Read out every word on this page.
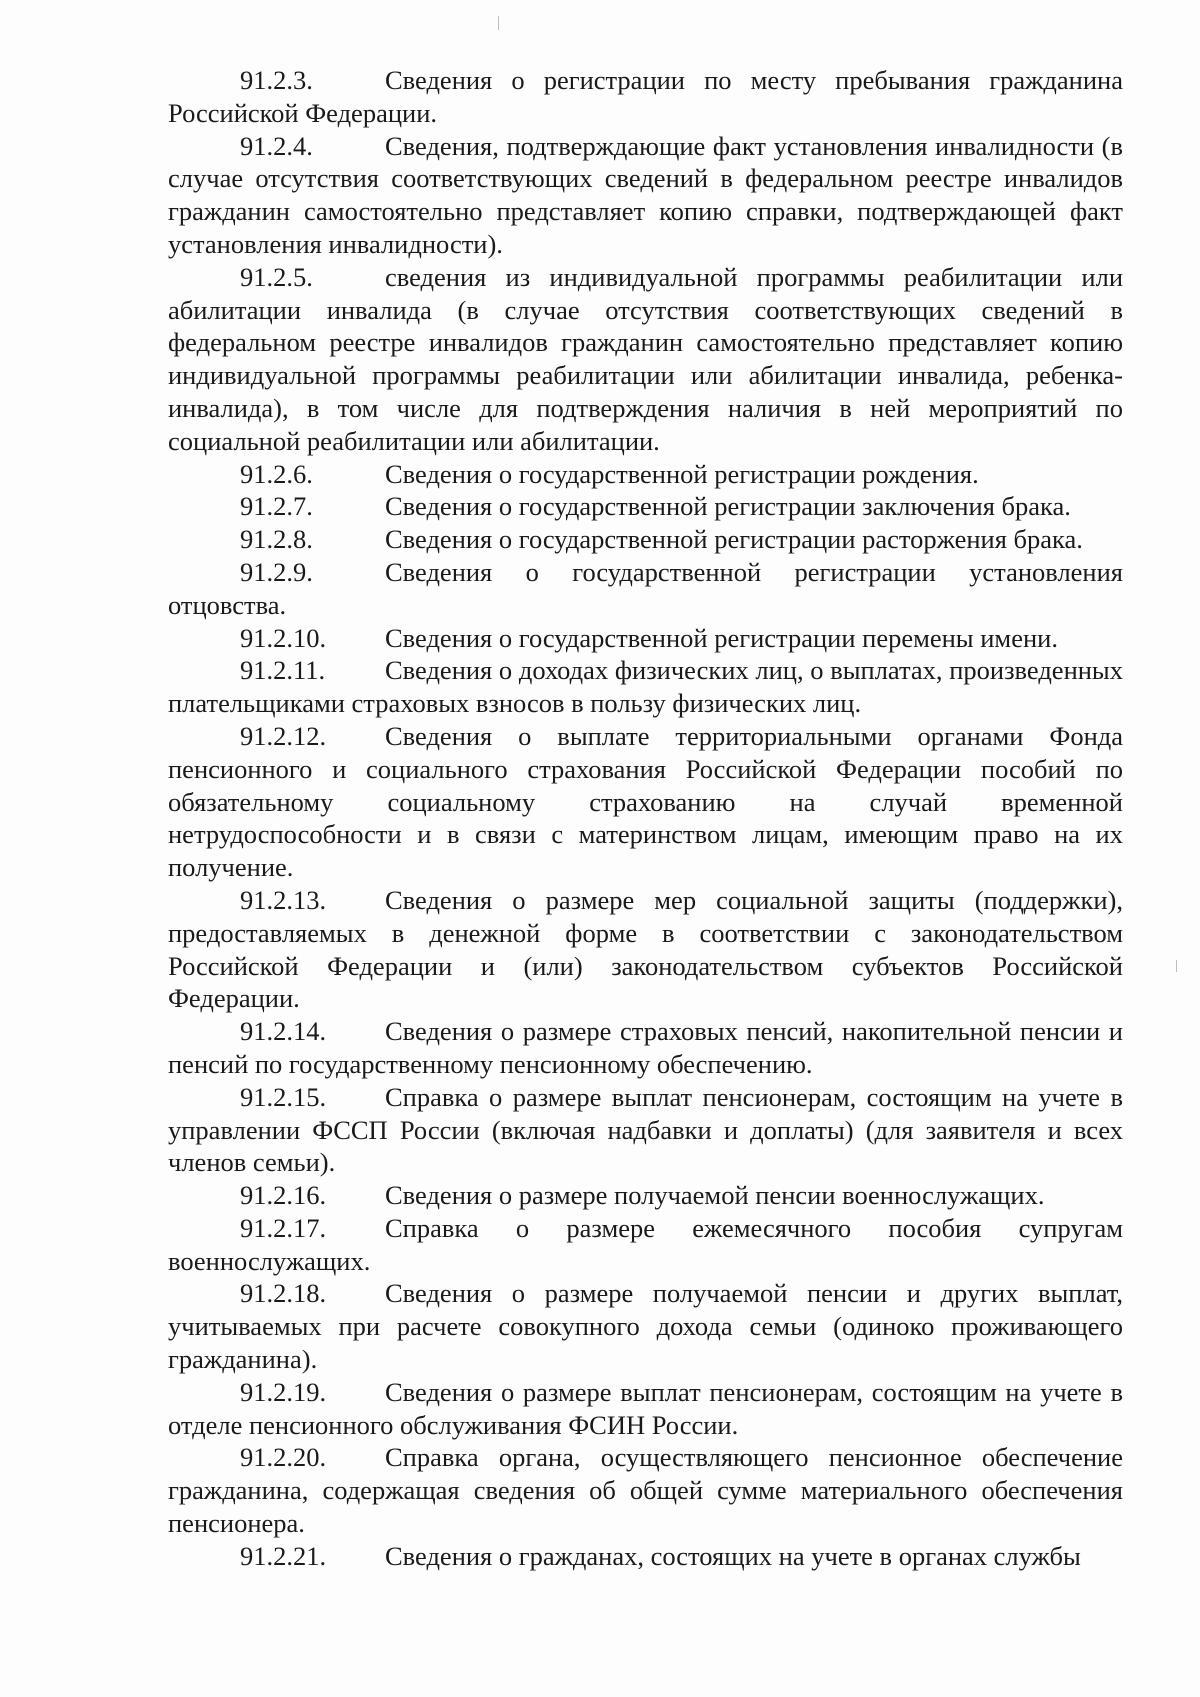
91.2.3.	Сведения о регистрации по месту пребывания гражданина Российской Федерации.

91.2.4.	Сведения, подтверждающие факт установления инвалидности (в случае отсутствия соответствующих сведений в федеральном реестре инвалидов гражданин самостоятельно представляет копию справки, подтверждающей факт установления инвалидности).

91.2.5.	сведения из индивидуальной программы реабилитации или абилитации инвалида (в случае отсутствия соответствующих сведений в федеральном реестре инвалидов гражданин самостоятельно представляет копию индивидуальной программы реабилитации или абилитации инвалида, ребенка-инвалида), в том числе для подтверждения наличия в ней мероприятий по социальной реабилитации или абилитации.

91.2.6.	Сведения о государственной регистрации рождения.

91.2.7.	Сведения о государственной регистрации заключения брака.

91.2.8.	Сведения о государственной регистрации расторжения брака.

91.2.9.	Сведения о государственной регистрации установления отцовства.

91.2.10. Сведения о государственной регистрации перемены имени.

91.2.11. Сведения о доходах физических лиц, о выплатах, произведенных плательщиками страховых взносов в пользу физических лиц.

91.2.12. Сведения о выплате территориальными органами Фонда пенсионного и социального страхования Российской Федерации пособий по обязательному социальному страхованию на случай временной нетрудоспособности и в связи с материнством лицам, имеющим право на их получение.

91.2.13. Сведения о размере мер социальной защиты (поддержки), предоставляемых в денежной форме в соответствии с законодательством Российской Федерации и (или) законодательством субъектов Российской Федерации.

91.2.14. Сведения о размере страховых пенсий, накопительной пенсии и пенсий по государственному пенсионному обеспечению.

91.2.15. Справка о размере выплат пенсионерам, состоящим на учете в управлении ФССП России (включая надбавки и доплаты) (для заявителя и всех членов семьи).

91.2.16. Сведения о размере получаемой пенсии военнослужащих.

91.2.17. Справка о размере ежемесячного пособия супругам военнослужащих.

91.2.18. Сведения о размере получаемой пенсии и других выплат, учитываемых при расчете совокупного дохода семьи (одиноко проживающего гражданина).

91.2.19. Сведения о размере выплат пенсионерам, состоящим на учете в отделе пенсионного обслуживания ФСИН России.

91.2.20. Справка органа, осуществляющего пенсионное обеспечение гражданина, содержащая сведения об общей сумме материального обеспечения пенсионера.

91.2.21. Сведения о гражданах, состоящих на учете в органах службы
